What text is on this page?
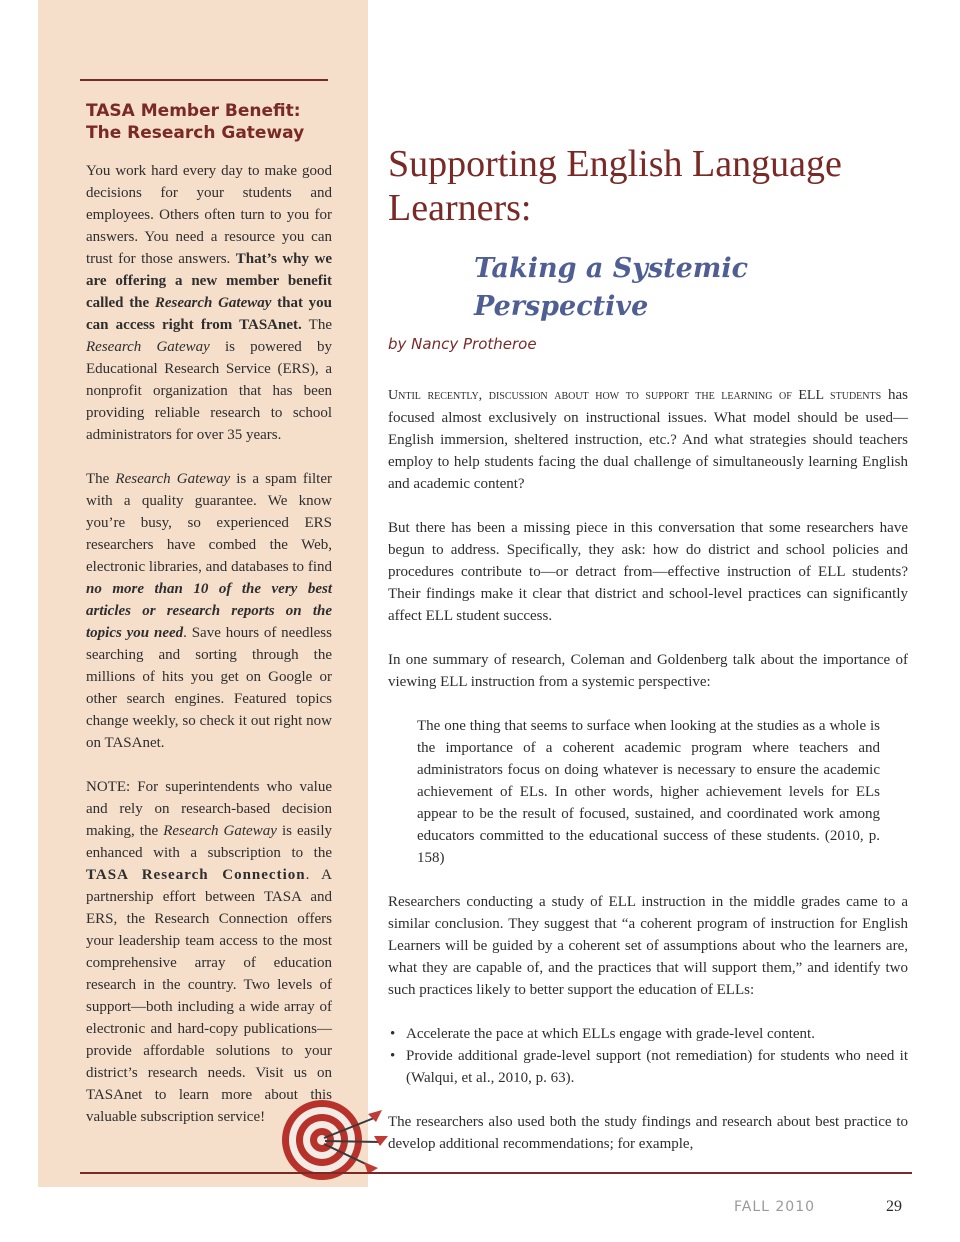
TASA Member Benefit: The Research Gateway

You work hard every day to make good decisions for your students and employees. Others often turn to you for answers. You need a resource you can trust for those answers. That’s why we are offering a new member benefit called the Research Gateway that you can access right from TASAnet. The Research Gateway is powered by Educational Research Service (ERS), a nonprofit organization that has been providing reliable research to school administrators for over 35 years.

The Research Gateway is a spam filter with a quality guarantee. We know you’re busy, so experienced ERS researchers have combed the Web, electronic libraries, and databases to find no more than 10 of the very best articles or research reports on the topics you need. Save hours of needless searching and sorting through the millions of hits you get on Google or other search engines. Featured topics change weekly, so check it out right now on TASAnet.

NOTE: For superintendents who value and rely on research-based decision making, the Research Gateway is easily enhanced with a subscription to the TASA Research Connection. A partnership effort between TASA and ERS, the Research Connection offers your leadership team access to the most comprehensive array of education research in the country. Two levels of support—both including a wide array of electronic and hard-copy publications—provide affordable solutions to your district’s research needs. Visit us on TASAnet to learn more about this valuable subscription service!

Supporting English Language Learners:
Taking a Systemic Perspective
by Nancy Protheroe

Until recently, discussion about how to support the learning of ELL students has focused almost exclusively on instructional issues. What model should be used—English immersion, sheltered instruction, etc.? And what strategies should teachers employ to help students facing the dual challenge of simultaneously learning English and academic content?

But there has been a missing piece in this conversation that some researchers have begun to address. Specifically, they ask: how do district and school policies and procedures contribute to—or detract from—effective instruction of ELL students? Their findings make it clear that district and school-level practices can significantly affect ELL student success.

In one summary of research, Coleman and Goldenberg talk about the importance of viewing ELL instruction from a systemic perspective:

The one thing that seems to surface when looking at the studies as a whole is the importance of a coherent academic program where teachers and administrators focus on doing whatever is necessary to ensure the academic achievement of ELs. In other words, higher achievement levels for ELs appear to be the result of focused, sustained, and coordinated work among educators committed to the educational success of these students. (2010, p. 158)

Researchers conducting a study of ELL instruction in the middle grades came to a similar conclusion. They suggest that “a coherent program of instruction for English Learners will be guided by a coherent set of assumptions about who the learners are, what they are capable of, and the practices that will support them,” and identify two such practices likely to better support the education of ELLs:

• Accelerate the pace at which ELLs engage with grade-level content.
• Provide additional grade-level support (not remediation) for students who need it (Walqui, et al., 2010, p. 63).

The researchers also used both the study findings and research about best practice to develop additional recommendations; for example,

FALL 2010	29
